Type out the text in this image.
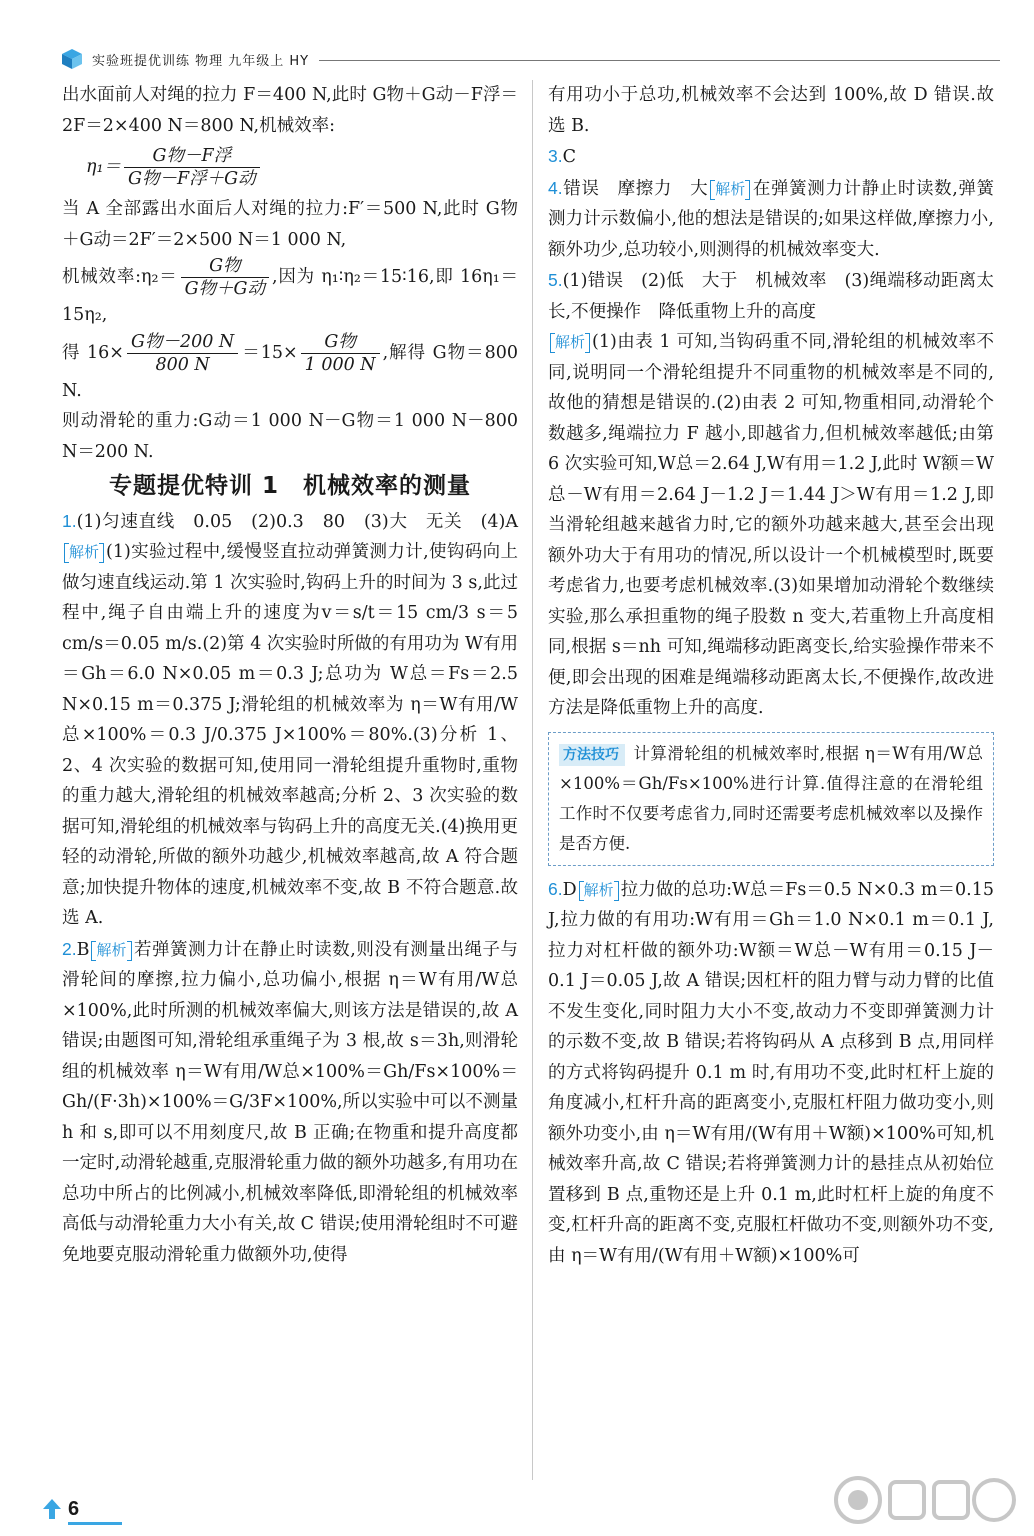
实验班提优训练 物理 九年级上 HY

出水面前人对绳的拉力 F＝400 N,此时 G物＋G动－F浮＝2F＝2×400 N＝800 N,机械效率:

$\eta_1= \frac{\text{G物－F浮}}{\text{G物－F浮＋G动}}$

当 A 全部露出水面后人对绳的拉力:F′＝500 N,此时 G物＋G动＝2F′＝2×500 N＝1 000 N,

机械效率:η₂＝ $\frac{\text{G物}}{\text{G物＋G动}}$ ,因为 η₁∶η₂＝15∶16,即 16η₁＝15η₂,

得 $16\times \frac{\text{G物－200 N}}{800 N} =15\times \frac{\text{G物}}{1 000 N}$ ,解得 G物＝800 N.

则动滑轮的重力:G动＝1 000 N－G物＝1 000 N－800 N＝200 N.

专题提优特训 1　机械效率的测量

1.(1)匀速直线　0.05　(2)0.3　80　(3)大　无关　(4)A解析 (1)实验过程中,缓慢竖直拉动弹簧测力计,使钩码向上做匀速直线运动.第 1 次实验时,钩码上升的时间为 3 s,此过程中,绳子自由端上升的速度为v＝s/t＝15 cm/3 s＝5 cm/s＝0.05 m/s.(2)第 4 次实验时所做的有用功为 W有用＝Gh＝6.0 N×0.05 m＝0.3 J;总功为 W总＝Fs＝2.5 N×0.15 m＝0.375 J;滑轮组的机械效率为 η＝W有用/W总×100%＝0.3 J/0.375 J×100%＝80%.(3)分析 1、2、4 次实验的数据可知,使用同一滑轮组提升重物时,重物的重力越大,滑轮组的机械效率越高;分析 2、3 次实验的数据可知,滑轮组的机械效率与钩码上升的高度无关.(4)换用更轻的动滑轮,所做的额外功越少,机械效率越高,故 A 符合题意;加快提升物体的速度,机械效率不变,故 B 不符合题意.故选 A.

2.B 解析 若弹簧测力计在静止时读数,则没有测量出绳子与滑轮间的摩擦,拉力偏小,总功偏小,根据 η＝W有用/W总×100%,此时所测的机械效率偏大,则该方法是错误的,故 A 错误;由题图可知,滑轮组承重绳子为 3 根,故 s＝3h,则滑轮组的机械效率 η＝W有用/W总×100%＝Gh/Fs×100%＝Gh/(F·3h)×100%＝G/3F×100%,所以实验中可以不测量 h 和 s,即可以不用刻度尺,故 B 正确;在物重和提升高度都一定时,动滑轮越重,克服滑轮重力做的额外功越多,有用功在总功中所占的比例减小,机械效率降低,即滑轮组的机械效率高低与动滑轮重力大小有关,故 C 错误;使用滑轮组时不可避免地要克服动滑轮重力做额外功,使得

有用功小于总功,机械效率不会达到 100%,故 D 错误.故选 B.

3.C

4.错误　摩擦力　大 解析 在弹簧测力计静止时读数,弹簧测力计示数偏小,他的想法是错误的;如果这样做,摩擦力小,额外功少,总功较小,则测得的机械效率变大.

5.(1)错误　(2)低　大于　机械效率　(3)绳端移动距离太长,不便操作　降低重物上升的高度

解析 (1)由表 1 可知,当钩码重不同,滑轮组的机械效率不同,说明同一个滑轮组提升不同重物的机械效率是不同的,故他的猜想是错误的.(2)由表 2 可知,物重相同,动滑轮个数越多,绳端拉力 F 越小,即越省力,但机械效率越低;由第 6 次实验可知,W总＝2.64 J,W有用＝1.2 J,此时 W额＝W总－W有用＝2.64 J－1.2 J＝1.44 J＞W有用＝1.2 J,即当滑轮组越来越省力时,它的额外功越来越大,甚至会出现额外功大于有用功的情况,所以设计一个机械模型时,既要考虑省力,也要考虑机械效率.(3)如果增加动滑轮个数继续实验,那么承担重物的绳子股数 n 变大,若重物上升高度相同,根据 s＝nh 可知,绳端移动距离变长,给实验操作带来不便,即会出现的困难是绳端移动距离太长,不便操作,故改进方法是降低重物上升的高度.

方法技巧 计算滑轮组的机械效率时,根据 η＝W有用/W总×100%＝Gh/Fs×100%进行计算.值得注意的在滑轮组工作时不仅要考虑省力,同时还需要考虑机械效率以及操作是否方便.

6.D 解析 拉力做的总功:W总＝Fs＝0.5 N×0.3 m＝0.15 J,拉力做的有用功:W有用＝Gh＝1.0 N×0.1 m＝0.1 J,拉力对杠杆做的额外功:W额＝W总－W有用＝0.15 J－0.1 J＝0.05 J,故 A 错误;因杠杆的阻力臂与动力臂的比值不发生变化,同时阻力大小不变,故动力不变即弹簧测力计的示数不变,故 B 错误;若将钩码从 A 点移到 B 点,用同样的方式将钩码提升 0.1 m 时,有用功不变,此时杠杆上旋的角度减小,杠杆升高的距离变小,克服杠杆阻力做功变小,则额外功变小,由 η＝W有用/(W有用＋W额)×100%可知,机械效率升高,故 C 错误;若将弹簧测力计的悬挂点从初始位置移到 B 点,重物还是上升 0.1 m,此时杠杆上旋的角度不变,杠杆升高的距离不变,克服杠杆做功不变,则额外功不变,由 η＝W有用/(W有用＋W额)×100%可

6
